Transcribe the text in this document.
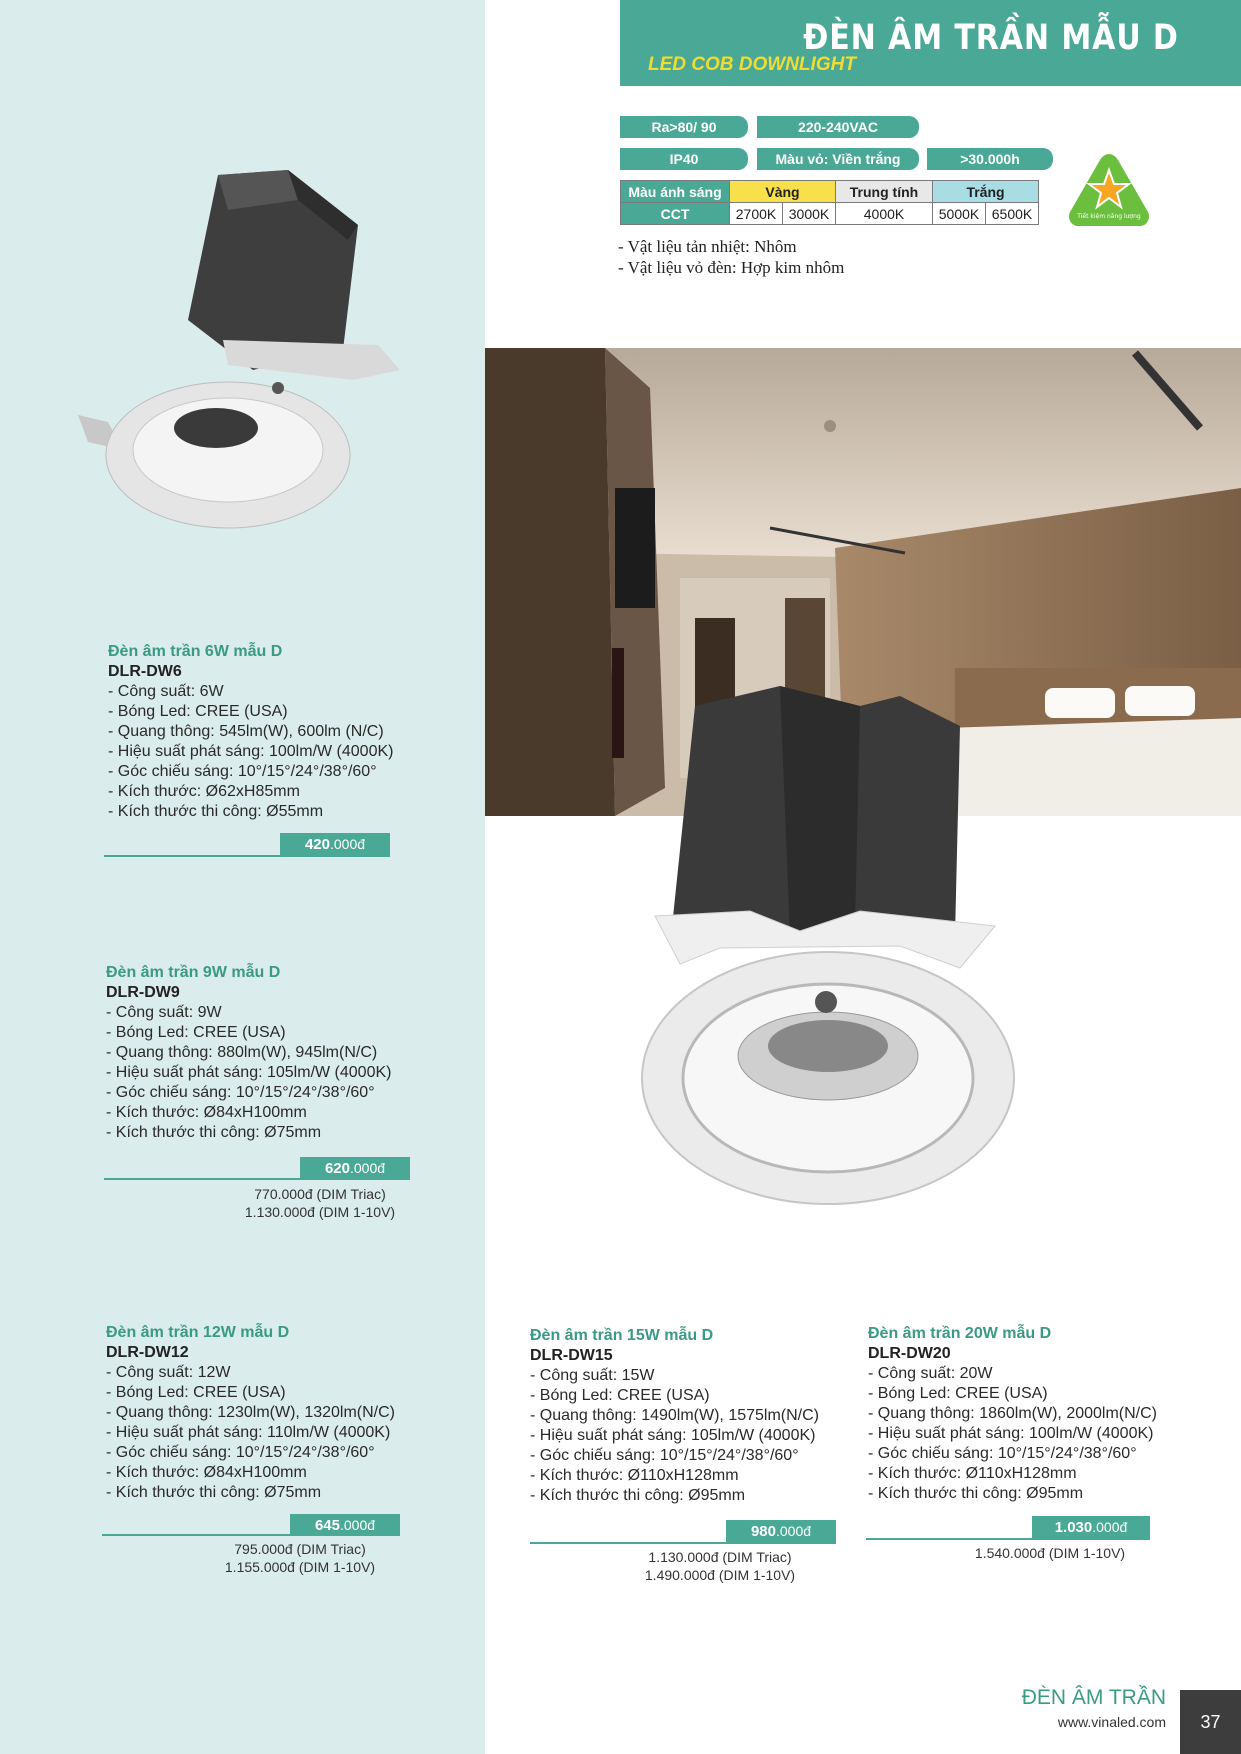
ĐÈN ÂM TRẦN MẪU D
LED COB DOWNLIGHT
Ra>80/ 90	220-240VAC
IP40	Màu vỏ: Viền trắng	>30.000h
Màu ánh sáng	Vàng		Trung tính	Trắng	
CCT	2700K	3000K	4000K	5000K	6500K	Tiết kiệm năng lượng
- Vật liệu tản nhiệt: Nhôm
- Vật liệu vỏ đèn: Hợp kim nhôm
Đèn âm trần 6W mẫu D
DLR-DW6
- Công suất: 6W
- Bóng Led: CREE (USA)
- Quang thông: 545lm(W), 600lm (N/C)
- Hiệu suất phát sáng: 100lm/W (4000K)
- Góc chiếu sáng: 10°/15°/24°/38°/60°
- Kích thước: Ø62xH85mm
- Kích thước thi công: Ø55mm
420.000đ
Đèn âm trần 9W mẫu D
DLR-DW9
- Công suất: 9W
- Bóng Led: CREE (USA)
- Quang thông: 880lm(W), 945lm(N/C)
- Hiệu suất phát sáng: 105lm/W (4000K)
- Góc chiếu sáng: 10°/15°/24°/38°/60°
- Kích thước: Ø84xH100mm
- Kích thước thi công: Ø75mm
620.000đ
770.000đ (DIM Triac)
1.130.000đ (DIM 1-10V)
Đèn âm trần 12W mẫu D
DLR-DW12
- Công suất: 12W
- Bóng Led: CREE (USA)
- Quang thông: 1230lm(W), 1320lm(N/C)
- Hiệu suất phát sáng: 110lm/W (4000K)
- Góc chiếu sáng: 10°/15°/24°/38°/60°
- Kích thước: Ø84xH100mm
- Kích thước thi công: Ø75mm
645.000đ
795.000đ (DIM Triac)
1.155.000đ (DIM 1-10V)
Đèn âm trần 15W mẫu D
DLR-DW15
- Công suất: 15W
- Bóng Led: CREE (USA)
- Quang thông: 1490lm(W), 1575lm(N/C)
- Hiệu suất phát sáng: 105lm/W (4000K)
- Góc chiếu sáng: 10°/15°/24°/38°/60°
- Kích thước: Ø110xH128mm
- Kích thước thi công: Ø95mm
980.000đ
1.130.000đ (DIM Triac)
1.490.000đ (DIM 1-10V)
Đèn âm trần 20W mẫu D
DLR-DW20
- Công suất: 20W
- Bóng Led: CREE (USA)
- Quang thông: 1860lm(W), 2000lm(N/C)
- Hiệu suất phát sáng: 100lm/W (4000K)
- Góc chiếu sáng: 10°/15°/24°/38°/60°
- Kích thước: Ø110xH128mm
- Kích thước thi công: Ø95mm
1.030.000đ
1.540.000đ (DIM 1-10V)
ĐÈN ÂM TRẦN
www.vinaled.com	37
